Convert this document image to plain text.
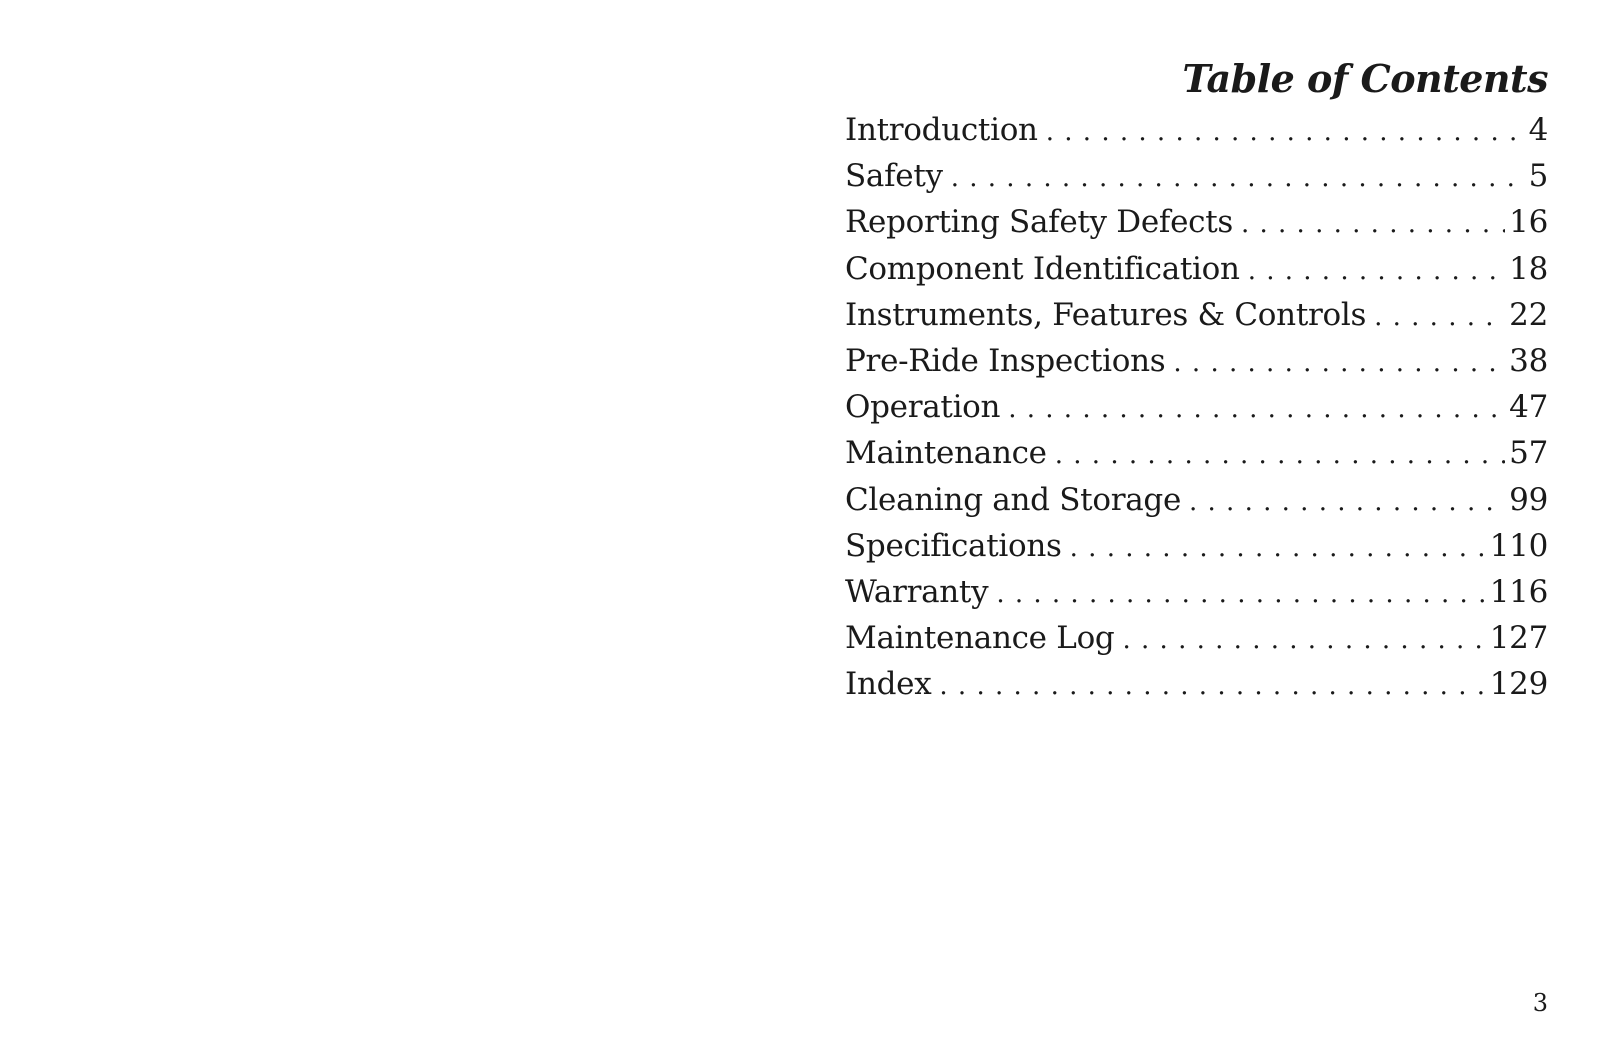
Table of Contents
Introduction . . .	4
Safety . . .	5
Reporting Safety Defects . . .	16
Component Identification . . .	18
Instruments, Features & Controls . . .	22
Pre-Ride Inspections . . .	38
Operation . . .	47
Maintenance . . .	57
Cleaning and Storage . . .	99
Specifications . . .	110
Warranty . . .	116
Maintenance Log . . .	127
Index . . .	129
3
